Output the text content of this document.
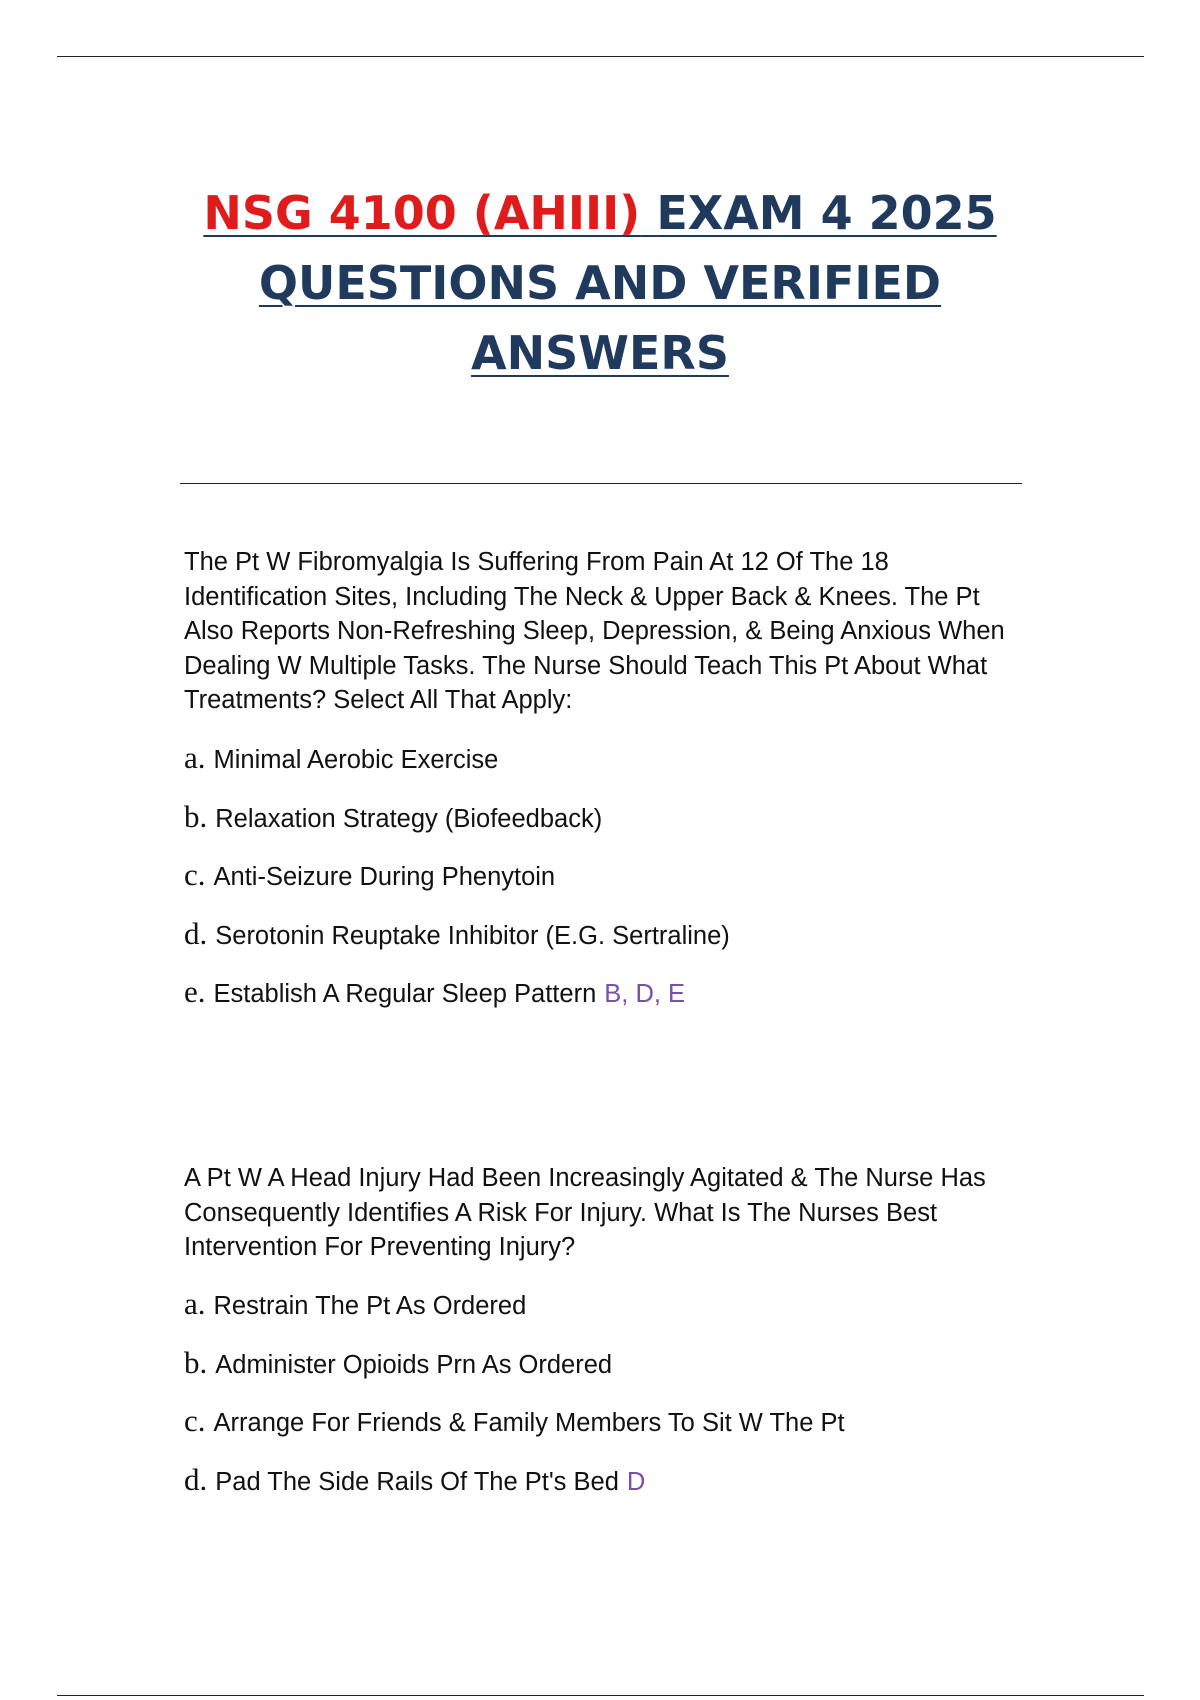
NSG 4100 (AHIII) EXAM 4 2025
QUESTIONS AND VERIFIED
ANSWERS
The Pt W Fibromyalgia Is Suffering From Pain At 12 Of The 18 Identification Sites, Including The Neck & Upper Back & Knees. The Pt Also Reports Non-Refreshing Sleep, Depression, & Being Anxious When Dealing W Multiple Tasks. The Nurse Should Teach This Pt About What Treatments? Select All That Apply:
a. Minimal Aerobic Exercise
b. Relaxation Strategy (Biofeedback)
c. Anti-Seizure During Phenytoin
d. Serotonin Reuptake Inhibitor (E.G. Sertraline)
e. Establish A Regular Sleep Pattern B, D, E
A Pt W A Head Injury Had Been Increasingly Agitated & The Nurse Has Consequently Identifies A Risk For Injury. What Is The Nurses Best Intervention For Preventing Injury?
a. Restrain The Pt As Ordered
b. Administer Opioids Prn As Ordered
c. Arrange For Friends & Family Members To Sit W The Pt
d. Pad The Side Rails Of The Pt's Bed D
